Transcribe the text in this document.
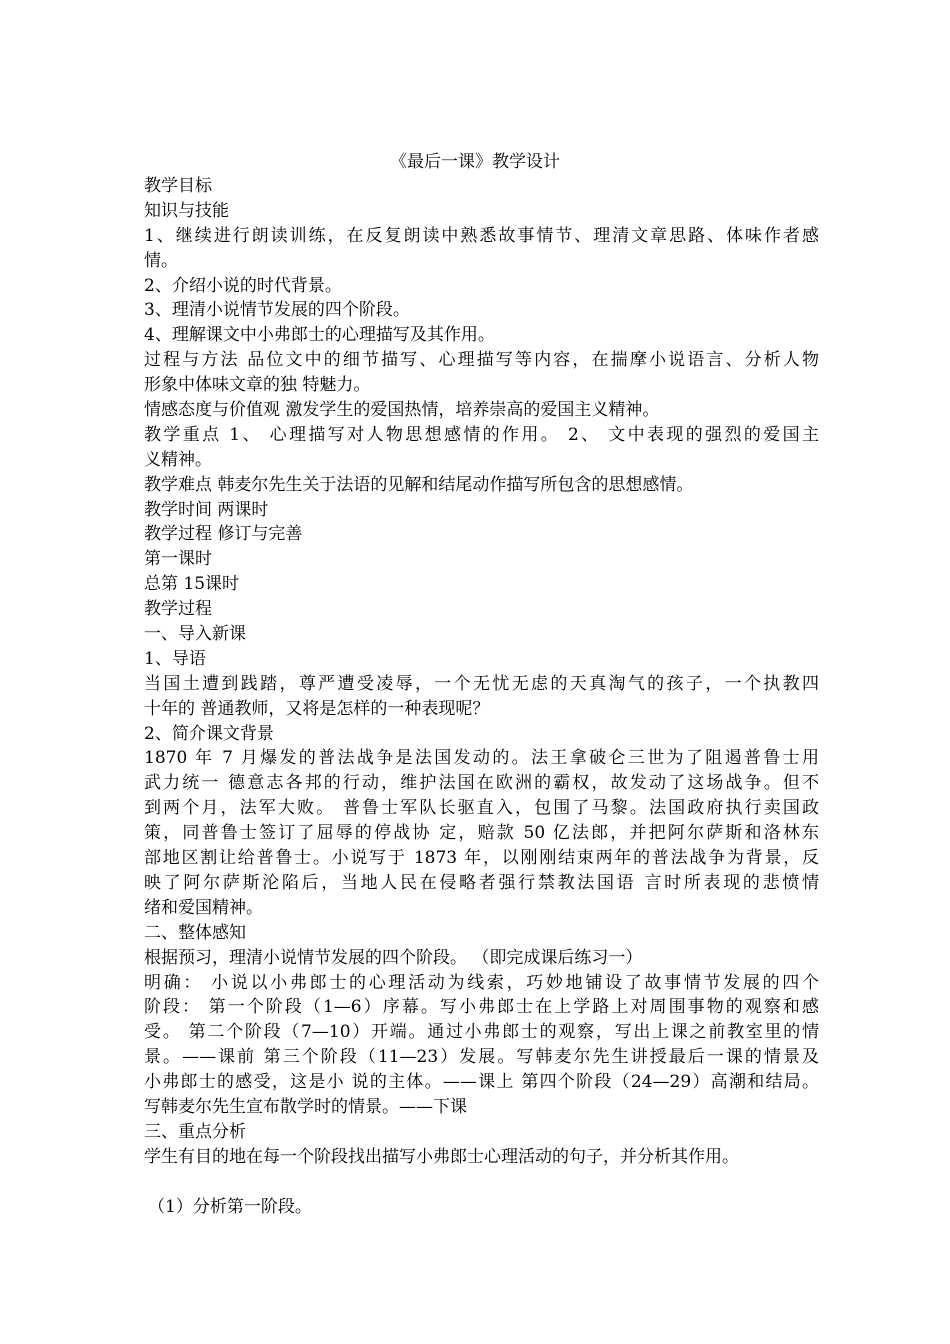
《最后一课》教学设计
教学目标
知识与技能
1、继续进行朗读训练，在反复朗读中熟悉故事情节、理清文章思路、体味作者感
情。
2、介绍小说的时代背景。
3、理清小说情节发展的四个阶段。
4、理解课文中小弗郎士的心理描写及其作用。
过程与方法 品位文中的细节描写、心理描写等内容，在揣摩小说语言、分析人物
形象中体味文章的独 特魅力。
情感态度与价值观 激发学生的爱国热情，培养崇高的爱国主义精神。
教学重点 1、 心理描写对人物思想感情的作用。 2、 文中表现的强烈的爱国主
义精神。
教学难点 韩麦尔先生关于法语的见解和结尾动作描写所包含的思想感情。
教学时间 两课时
教学过程 修订与完善
第一课时
总第 15课时
教学过程
一、导入新课
1、导语
当国土遭到践踏，尊严遭受凌辱，一个无忧无虑的天真淘气的孩子，一个执教四
十年的 普通教师，又将是怎样的一种表现呢？
2、简介课文背景
1870 年 7 月爆发的普法战争是法国发动的。法王拿破仑三世为了阻遏普鲁士用
武力统一 德意志各邦的行动，维护法国在欧洲的霸权，故发动了这场战争。但不
到两个月，法军大败。 普鲁士军队长驱直入，包围了马黎。法国政府执行卖国政
策，同普鲁士签订了屈辱的停战协 定，赔款 50 亿法郎，并把阿尔萨斯和洛林东
部地区割让给普鲁士。小说写于 1873 年，以刚刚结束两年的普法战争为背景，反
映了阿尔萨斯沦陷后，当地人民在侵略者强行禁教法国语 言时所表现的悲愤情
绪和爱国精神。
二、整体感知
根据预习，理清小说情节发展的四个阶段。 （即完成课后练习一）
明确： 小说以小弗郎士的心理活动为线索，巧妙地铺设了故事情节发展的四个
阶段： 第一个阶段（1—6）序幕。写小弗郎士在上学路上对周围事物的观察和感
受。 第二个阶段（7—10）开端。通过小弗郎士的观察，写出上课之前教室里的情
景。——课前 第三个阶段（11—23）发展。写韩麦尔先生讲授最后一课的情景及
小弗郎士的感受，这是小 说的主体。——课上 第四个阶段（24—29）高潮和结局。
写韩麦尔先生宣布散学时的情景。——下课
三、重点分析
学生有目的地在每一个阶段找出描写小弗郎士心理活动的句子，并分析其作用。
（1）分析第一阶段。
